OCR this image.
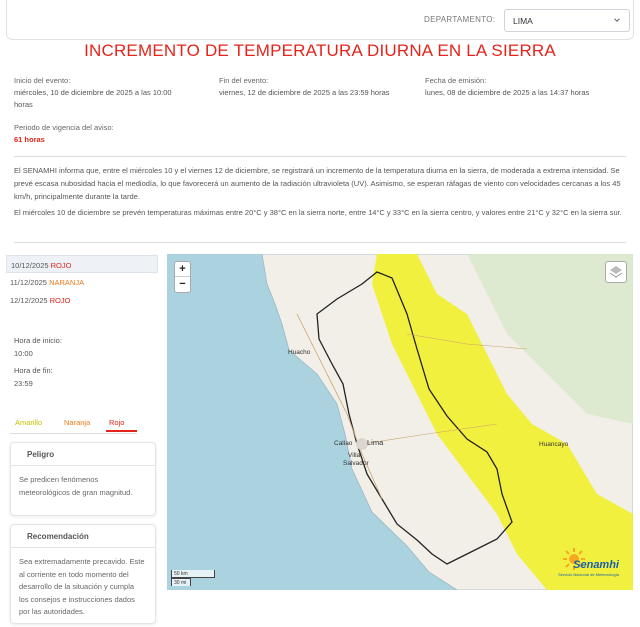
DEPARTAMENTO:	LIMA
INCREMENTO DE TEMPERATURA DIURNA EN LA SIERRA
Inicio del evento:
miércoles, 10 de diciembre de 2025 a las 10:00
horas
Fin del evento:
viernes, 12 de diciembre de 2025 a las 23:59 horas
Fecha de emisión:
lunes, 08 de diciembre de 2025 a las 14:37 horas
Periodo de vigencia del aviso:
61 horas
El SENAMHI informa que, entre el miércoles 10 y el viernes 12 de diciembre, se registrará un incremento de la temperatura diurna en la sierra, de moderada a extrema intensidad. Se prevé escasa nubosidad hacia el mediodía, lo que favorecerá un aumento de la radiación ultravioleta (UV). Asimismo, se esperan ráfagas de viento con velocidades cercanas a los 45 km/h, principalmente durante la tarde.
El miércoles 10 de diciembre se prevén temperaturas máximas entre 20°C y 38°C en la sierra norte, entre 14°C y 33°C en la sierra centro, y valores entre 21°C y 32°C en la sierra sur.
10/12/2025 ROJO
11/12/2025 NARANJA
12/12/2025 ROJO
Hora de inicio:
10:00
Hora de fin:
23:59
Amarillo	Naranja Rojo
Peligro
Se predicen fenómenos meteorológicos de gran magnitud.
Recomendación
Sea extremadamente precavido. Este al corriente en todo momento del desarrollo de la situación y cumpla los consejos e instrucciones dados por las autoridades.
Huacho
Callao Lima
Villa
Salvador
Huancayo
+
−
50 km
30 mi
Senamhi
Servicio Nacional de Meteorología
